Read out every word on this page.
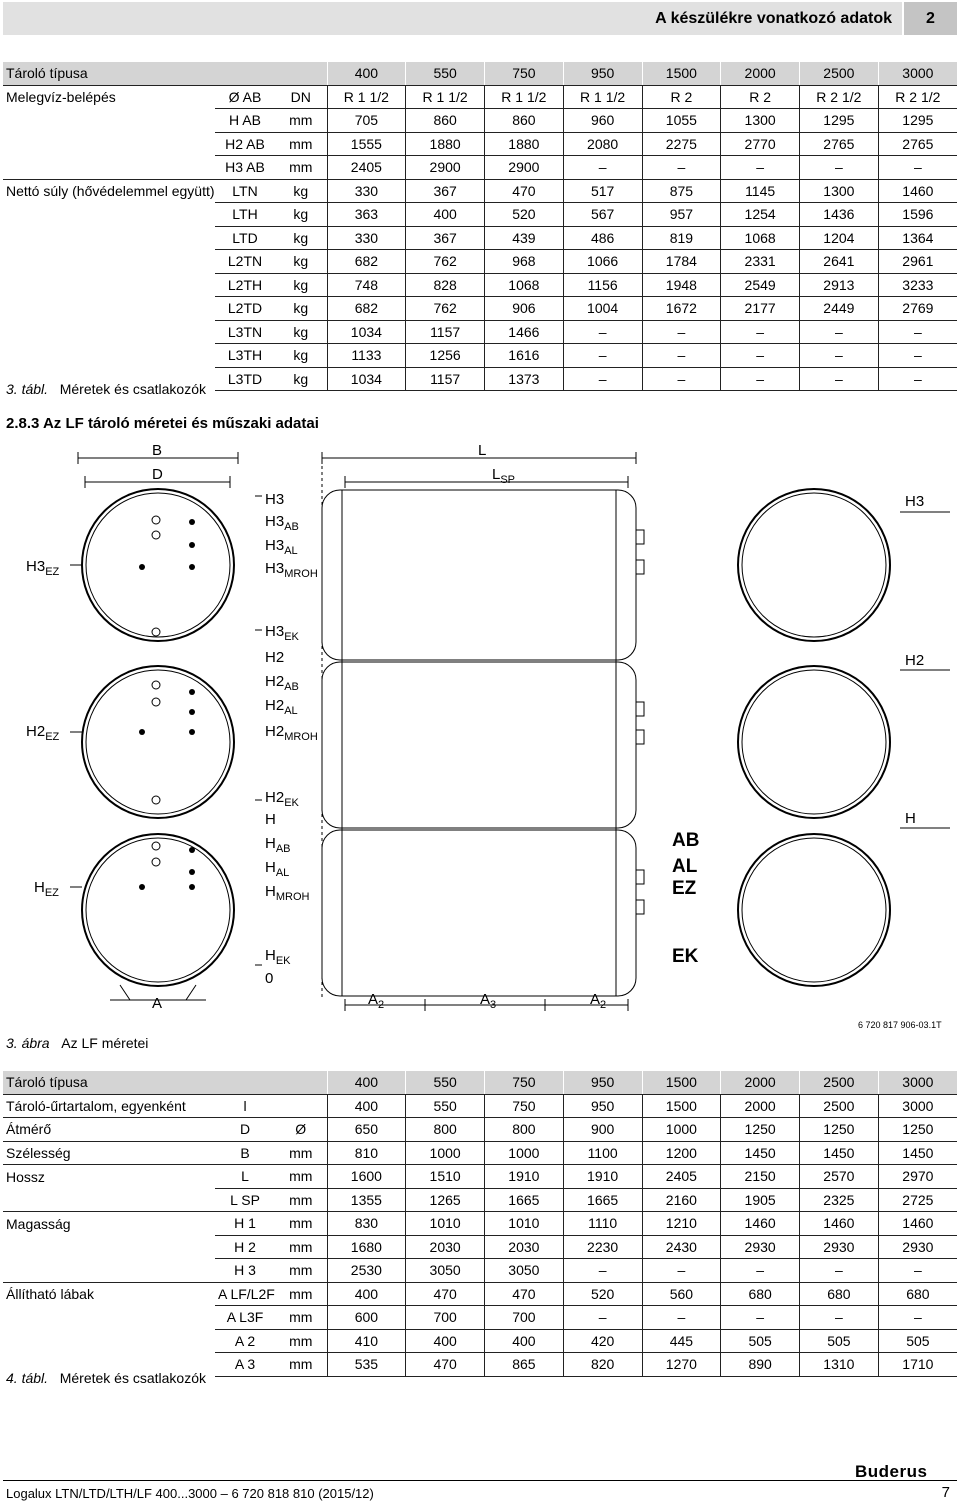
A készülékre vonatkozó adatok	2
Tároló típusa			400	550	750	950	1500	2000	2500	3000
Melegvíz-belépés	Ø AB	DN	R 1 1/2	R 1 1/2	R 1 1/2	R 1 1/2	R 2	R 2	R 2 1/2	R 2 1/2
	H AB	mm	705	860	860	960	1055	1300	1295	1295
	H2 AB	mm	1555	1880	1880	2080	2275	2770	2765	2765
	H3 AB	mm	2405	2900	2900	–	–	–	–	–
Nettó súly (hővédelemmel együtt)	LTN	kg	330	367	470	517	875	1145	1300	1460
	LTH	kg	363	400	520	567	957	1254	1436	1596
	LTD	kg	330	367	439	486	819	1068	1204	1364
	L2TN	kg	682	762	968	1066	1784	2331	2641	2961
	L2TH	kg	748	828	1068	1156	1948	2549	2913	3233
	L2TD	kg	682	762	906	1004	1672	2177	2449	2769
	L3TN	kg	1034	1157	1466	–	–	–	–	–
	L3TH	kg	1133	1256	1616	–	–	–	–	–
	L3TD	kg	1034	1157	1373	–	–	–	–	–
3. tábl. Méretek és csatlakozók
2.8.3 Az LF tároló méretei és műszaki adatai
B
D
L
$L_{SP}$
H3
$H3_{AB}$
$H3_{AL}$
$H3_{MROH}$
$H3_{EZ}$
$H3_{EK}$
H2
$H2_{AB}$
$H2_{AL}$
$H2_{MROH}$
$H2_{EZ}$
$H2_{EK}$
H
$H_{AB}$
$H_{AL}$
$H_{MROH}$
$H_{EZ}$
$H_{EK}$
0
A	$A_2$	$A_3$	$A_2$
H3
H2
H
AB
AL
EZ
EK
6 720 817 906-03.1T
3. ábra Az LF méretei
Tároló típusa			400	550	750	950	1500	2000	2500	3000
Tároló-űrtartalom, egyenként	l		400	550	750	950	1500	2000	2500	3000
Átmérő	D	Ø	650	800	800	900	1000	1250	1250	1250
Szélesség	B	mm	810	1000	1000	1100	1200	1450	1450	1450
Hossz	L	mm	1600	1510	1910	1910	2405	2150	2570	2970
	L SP	mm	1355	1265	1665	1665	2160	1905	2325	2725
Magasság	H 1	mm	830	1010	1010	1110	1210	1460	1460	1460
	H 2	mm	1680	2030	2030	2230	2430	2930	2930	2930
	H 3	mm	2530	3050	3050	–	–	–	–	–
Állítható lábak	A LF/L2F	mm	400	470	470	520	560	680	680	680
	A L3F	mm	600	700	700	–	–	–	–	–
	A 2	mm	410	400	400	420	445	505	505	505
	A 3	mm	535	470	865	820	1270	890	1310	1710
4. tábl. Méretek és csatlakozók
Buderus
Logalux LTN/LTD/LTH/LF 400...3000 – 6 720 818 810 (2015/12)	7
